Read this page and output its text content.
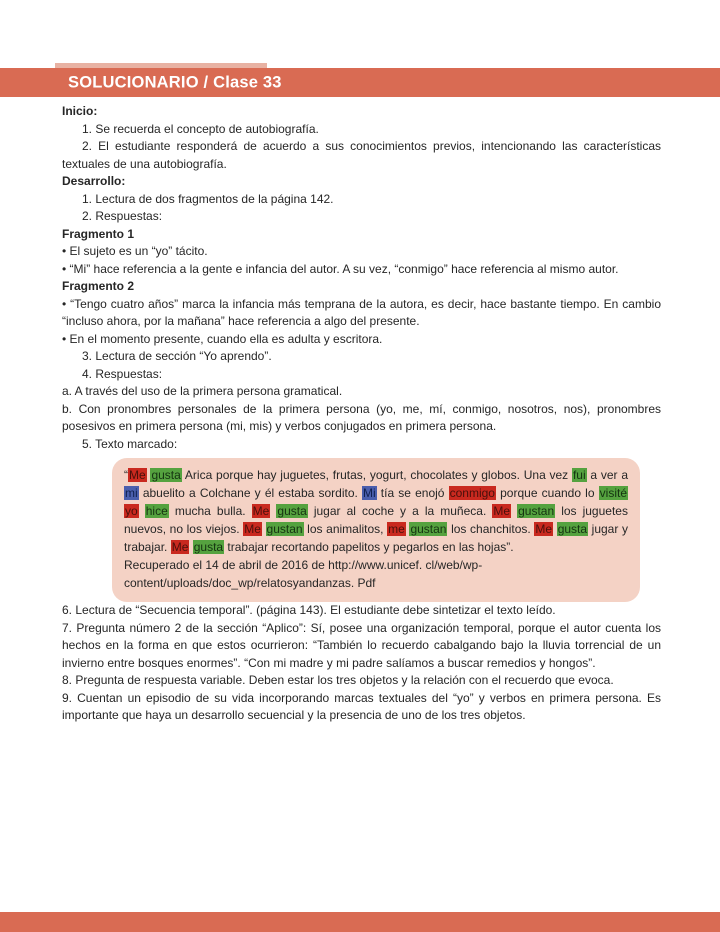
SOLUCIONARIO / Clase 33

Inicio:

1. Se recuerda el concepto de autobiografía.

2. El estudiante responderá de acuerdo a sus conocimientos previos, intencionando las características textuales de una autobiografía.

Desarrollo:

1. Lectura de dos fragmentos de la página 142.

2. Respuestas:

Fragmento 1

• El sujeto es un “yo” tácito.

• “Mi” hace referencia a la gente e infancia del autor. A su vez, “conmigo” hace referencia al mismo autor.

Fragmento 2

• “Tengo cuatro años” marca la infancia más temprana de la autora, es decir, hace bastante tiempo. En cambio “incluso ahora, por la mañana” hace referencia a algo del presente.

• En el momento presente, cuando ella es adulta y escritora.

3. Lectura de sección “Yo aprendo”.

4. Respuestas:

a. A través del uso de la primera persona gramatical.

b. Con pronombres personales de la primera persona (yo, me, mí, conmigo, nosotros, nos), pronombres posesivos en primera persona (mi, mis) y verbos conjugados en primera persona.

5. Texto marcado:

“Me gusta Arica porque hay juguetes, frutas, yogurt, chocolates y globos. Una vez fui a ver a mi abuelito a Colchane y él estaba sordito. Mi tía se enojó conmigo porque cuando lo visité yo hice mucha bulla. Me gusta jugar al coche y a la muñeca. Me gustan los juguetes nuevos, no los viejos. Me gustan los animalitos, me gustan los chanchitos. Me gusta jugar y trabajar. Me gusta trabajar recortando papelitos y pegarlos en las hojas”.

Recuperado el 14 de abril de 2016 de http://www.unicef. cl/web/wp-content/uploads/doc_wp/relatosyandanzas. Pdf

6. Lectura de “Secuencia temporal”. (página 143). El estudiante debe sintetizar el texto leído.

7. Pregunta número 2 de la sección “Aplico”: Sí, posee una organización temporal, porque el autor cuenta los hechos en la forma en que estos ocurrieron: “También lo recuerdo cabalgando bajo la lluvia torrencial de un invierno entre bosques enormes”. “Con mi madre y mi padre salíamos a buscar remedios y hongos”.

8. Pregunta de respuesta variable. Deben estar los tres objetos y la relación con el recuerdo que evoca.

9. Cuentan un episodio de su vida incorporando marcas textuales del “yo” y verbos en primera persona. Es importante que haya un desarrollo secuencial y la presencia de uno de los tres objetos.
